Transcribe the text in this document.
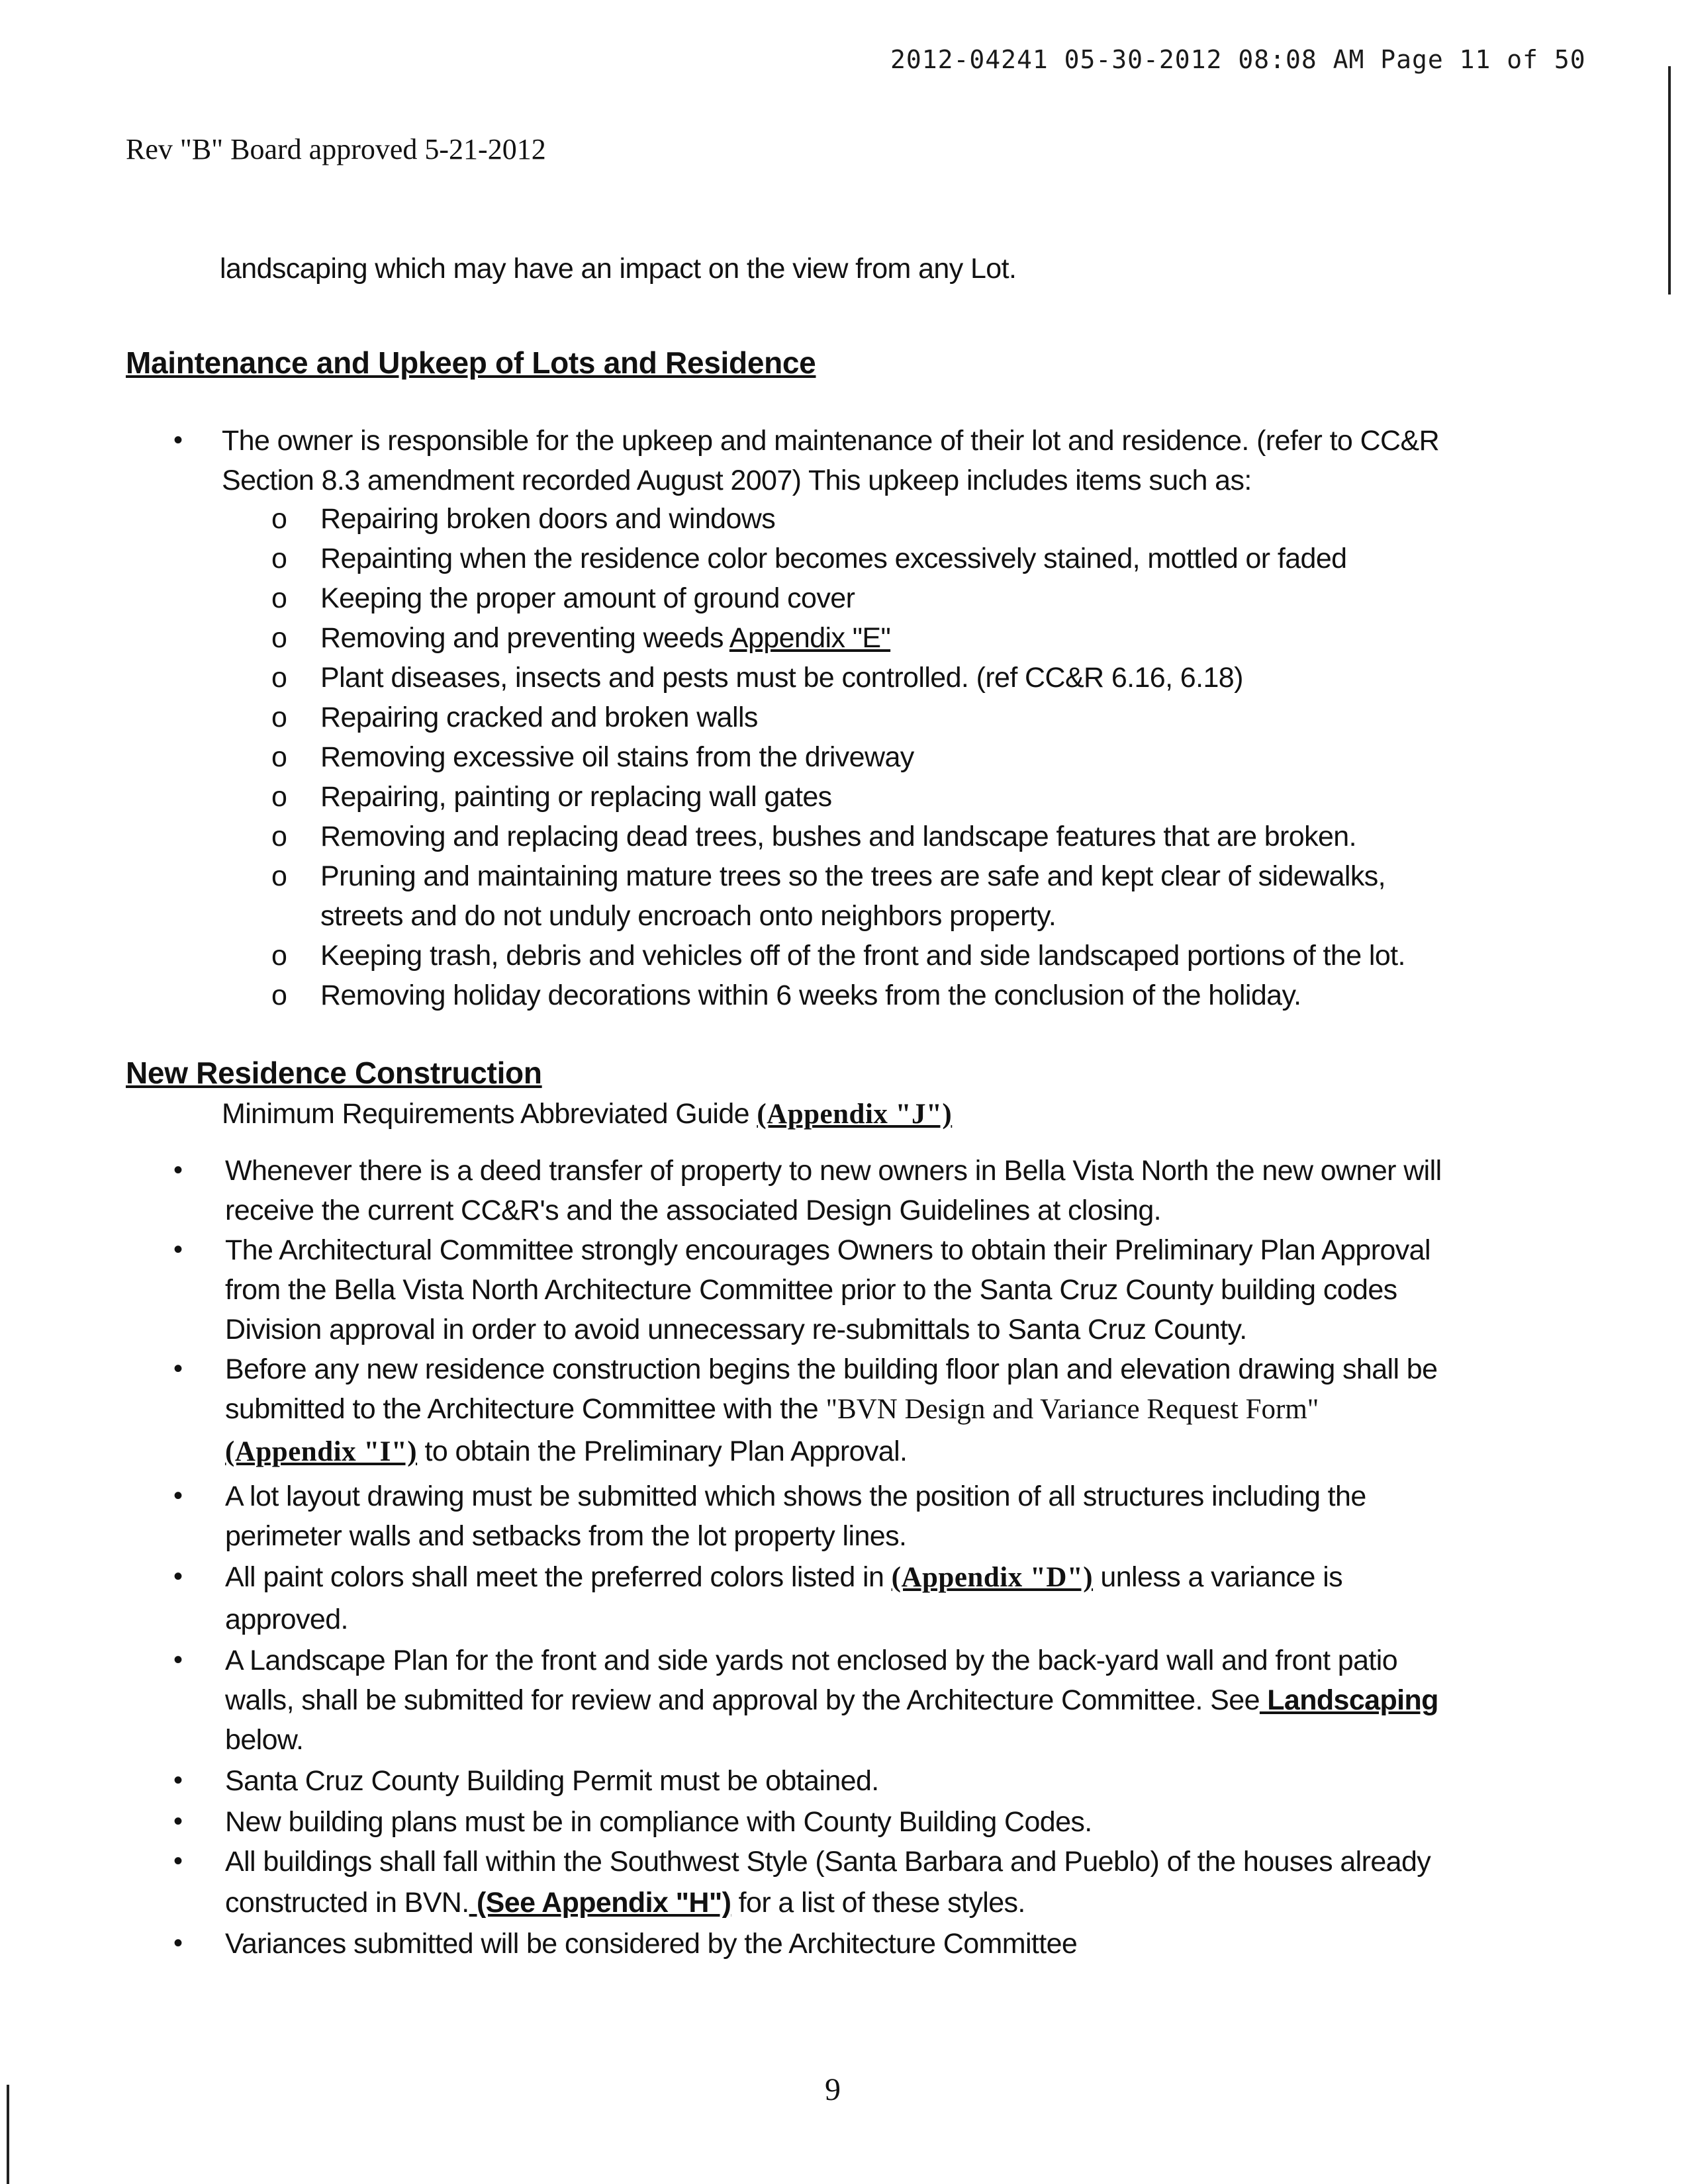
2012-04241 05-30-2012 08:08 AM Page 11 of 50
Rev "B" Board approved 5-21-2012
landscaping which may have an impact on the view from any Lot.
Maintenance and Upkeep of Lots and Residence
• The owner is responsible for the upkeep and maintenance of their lot and residence. (refer to CC&R
Section 8.3 amendment recorded August 2007) This upkeep includes items such as:
o Repairing broken doors and windows
o Repainting when the residence color becomes excessively stained, mottled or faded
o Keeping the proper amount of ground cover
o Removing and preventing weeds Appendix "E"
o Plant diseases, insects and pests must be controlled. (ref CC&R 6.16, 6.18)
o Repairing cracked and broken walls
o Removing excessive oil stains from the driveway
o Repairing, painting or replacing wall gates
o Removing and replacing dead trees, bushes and landscape features that are broken.
o Pruning and maintaining mature trees so the trees are safe and kept clear of sidewalks,
streets and do not unduly encroach onto neighbors property.
o Keeping trash, debris and vehicles off of the front and side landscaped portions of the lot.
o Removing holiday decorations within 6 weeks from the conclusion of the holiday.
New Residence Construction
Minimum Requirements Abbreviated Guide (Appendix "J")
• Whenever there is a deed transfer of property to new owners in Bella Vista North the new owner will
receive the current CC&R's and the associated Design Guidelines at closing.
• The Architectural Committee strongly encourages Owners to obtain their Preliminary Plan Approval
from the Bella Vista North Architecture Committee prior to the Santa Cruz County building codes
Division approval in order to avoid unnecessary re-submittals to Santa Cruz County.
• Before any new residence construction begins the building floor plan and elevation drawing shall be
submitted to the Architecture Committee with the "BVN Design and Variance Request Form"
(Appendix "I") to obtain the Preliminary Plan Approval.
• A lot layout drawing must be submitted which shows the position of all structures including the
perimeter walls and setbacks from the lot property lines.
• All paint colors shall meet the preferred colors listed in (Appendix "D") unless a variance is
approved.
• A Landscape Plan for the front and side yards not enclosed by the back-yard wall and front patio
walls, shall be submitted for review and approval by the Architecture Committee. See Landscaping
below.
• Santa Cruz County Building Permit must be obtained.
• New building plans must be in compliance with County Building Codes.
• All buildings shall fall within the Southwest Style (Santa Barbara and Pueblo) of the houses already
constructed in BVN. (See Appendix "H") for a list of these styles.
• Variances submitted will be considered by the Architecture Committee
9
